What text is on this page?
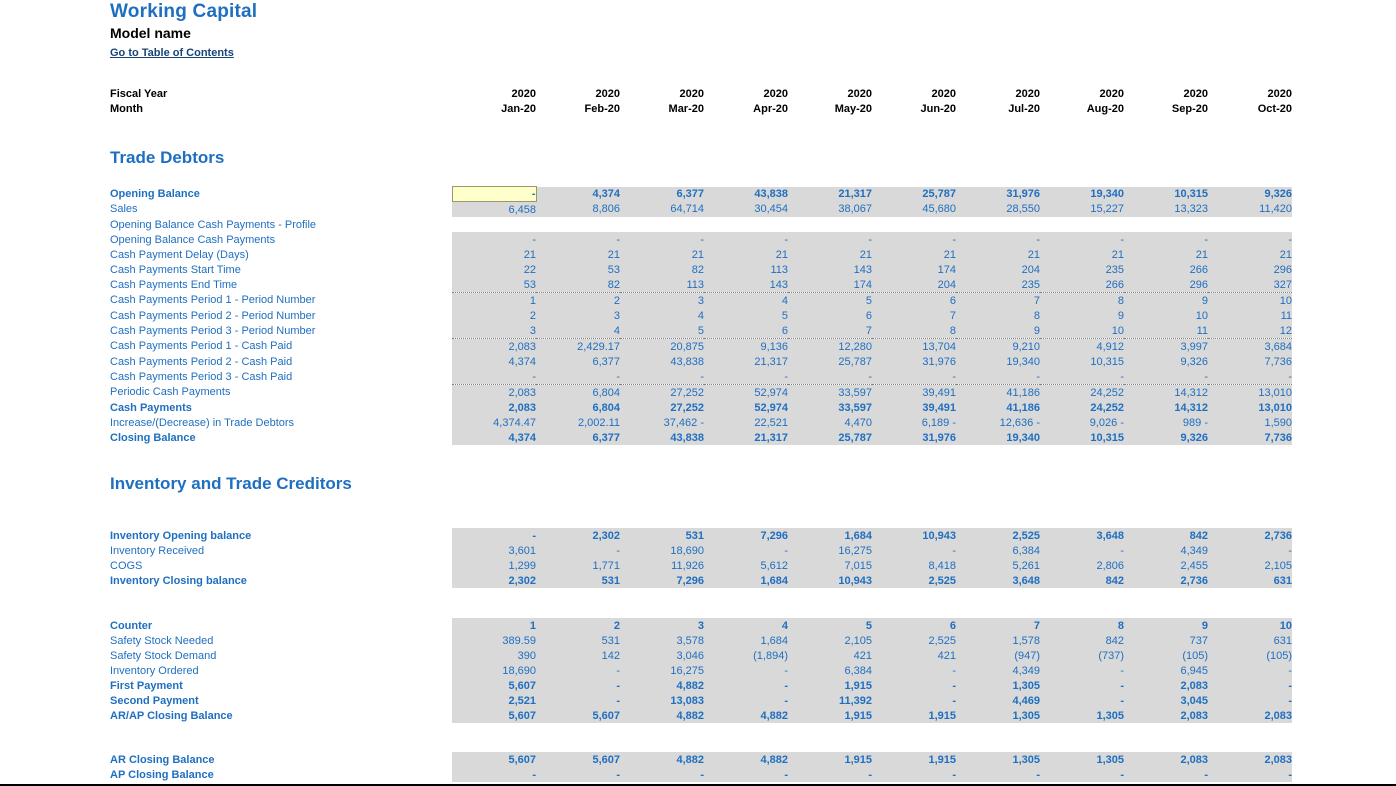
Working Capital
Model name
Go to Table of Contents
Fiscal Year	2020	2020	2020	2020	2020	2020	2020	2020	2020	2020
Month	Jan-20	Feb-20	Mar-20	Apr-20	May-20	Jun-20	Jul-20	Aug-20	Sep-20	Oct-20
Trade Debtors
Opening Balance	-	4,374	6,377	43,838	21,317	25,787	31,976	19,340	10,315	9,326
Sales	6,458	8,806	64,714	30,454	38,067	45,680	28,550	15,227	13,323	11,420
Opening Balance Cash Payments - Profile										
Opening Balance Cash Payments	-	-	-	-	-	-	-	-	-	-
Cash Payment Delay (Days)	21	21	21	21	21	21	21	21	21	21
Cash Payments Start Time	22	53	82	113	143	174	204	235	266	296
Cash Payments End Time	53	82	113	143	174	204	235	266	296	327
Cash Payments Period 1 - Period Number	1	2	3	4	5	6	7	8	9	10
Cash Payments Period 2 - Period Number	2	3	4	5	6	7	8	9	10	11
Cash Payments Period 3 - Period Number	3	4	5	6	7	8	9	10	11	12
Cash Payments Period 1 - Cash Paid	2,083	2,429.17	20,875	9,136	12,280	13,704	9,210	4,912	3,997	3,684
Cash Payments Period 2 - Cash Paid	4,374	6,377	43,838	21,317	25,787	31,976	19,340	10,315	9,326	7,736
Cash Payments Period 3 - Cash Paid	-	-	-	-	-	-	-	-	-	-
Periodic Cash Payments	2,083	6,804	27,252	52,974	33,597	39,491	41,186	24,252	14,312	13,010
Cash Payments	2,083	6,804	27,252	52,974	33,597	39,491	41,186	24,252	14,312	13,010
Increase/(Decrease) in Trade Debtors	4,374.47	2,002.11	37,462 -	22,521	4,470	6,189 -	12,636 -	9,026 -	989 -	1,590
Closing Balance	4,374	6,377	43,838	21,317	25,787	31,976	19,340	10,315	9,326	7,736
Inventory and Trade Creditors
Inventory Opening balance	-	2,302	531	7,296	1,684	10,943	2,525	3,648	842	2,736
Inventory Received	3,601	-	18,690	-	16,275	-	6,384	-	4,349	-
COGS	1,299	1,771	11,926	5,612	7,015	8,418	5,261	2,806	2,455	2,105
Inventory Closing balance	2,302	531	7,296	1,684	10,943	2,525	3,648	842	2,736	631
Counter	1	2	3	4	5	6	7	8	9	10
Safety Stock Needed	389.59	531	3,578	1,684	2,105	2,525	1,578	842	737	631
Safety Stock Demand	390	142	3,046	(1,894)	421	421	(947)	(737)	(105)	(105)
Inventory Ordered	18,690	-	16,275	-	6,384	-	4,349	-	6,945	-
First Payment	5,607	-	4,882	-	1,915	-	1,305	-	2,083	-
Second Payment	2,521	-	13,083	-	11,392	-	4,469	-	3,045	-
AR/AP Closing Balance	5,607	5,607	4,882	4,882	1,915	1,915	1,305	1,305	2,083	2,083
AR Closing Balance	5,607	5,607	4,882	4,882	1,915	1,915	1,305	1,305	2,083	2,083
AP Closing Balance	-	-	-	-	-	-	-	-	-	-
